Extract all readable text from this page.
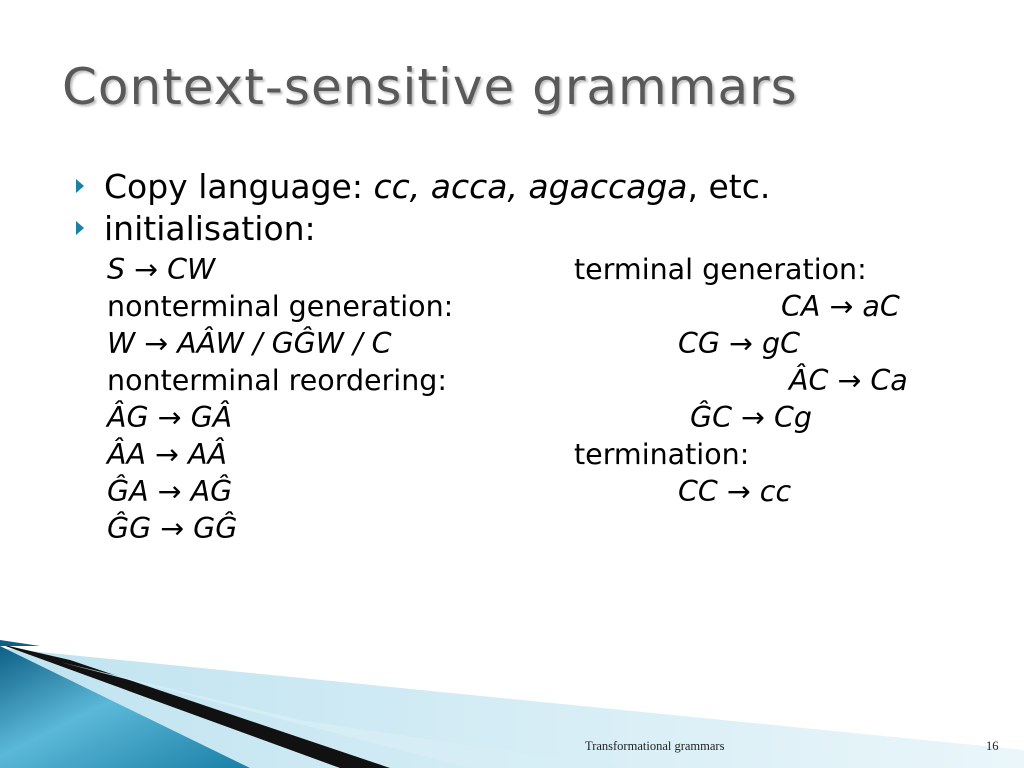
Context-sensitive grammars
Copy language: cc, acca, agaccaga, etc.
initialisation:
S → CW
nonterminal generation:
W → AÂW / GĜW / C
nonterminal reordering:
ÂG → GÂ
ÂA → AÂ
ĜA → AĜ
ĜG → GĜ
terminal generation:
CA → aC
CG → gC
ÂC → Ca
ĜC → Cg
termination:
CC → cc
Transformational grammars	16
